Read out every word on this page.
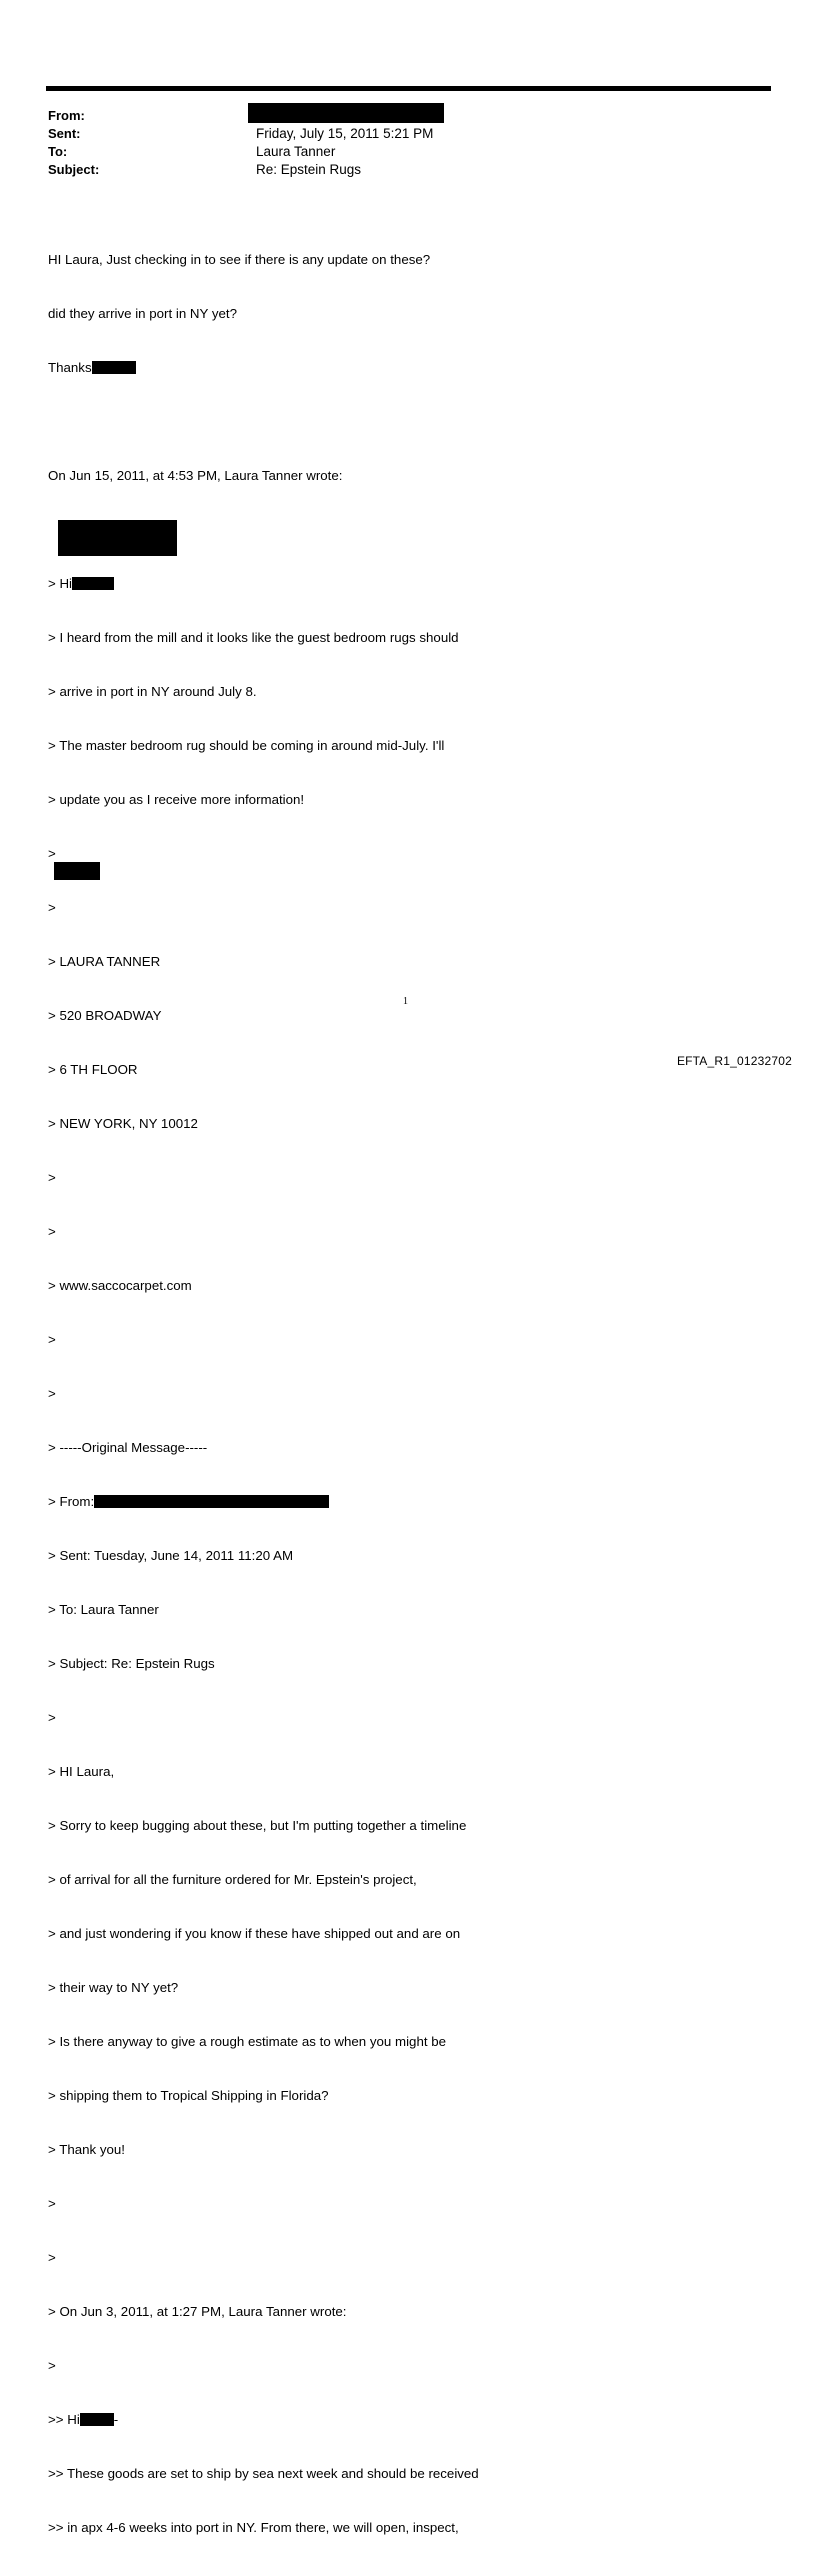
From:
Sent:
To:
Subject:
Friday, July 15, 2011 5:21 PM
Laura Tanner
Re: Epstein Rugs

HI Laura, Just checking in to see if there is any update on these?

did they arrive in port in NY yet?

Thanks

On Jun 15, 2011, at 4:53 PM, Laura Tanner wrote:

> Hi

> I heard from the mill and it looks like the guest bedroom rugs should

> arrive in port in NY around July 8.

> The master bedroom rug should be coming in around mid-July. I'll

> update you as I receive more information!

>

>

> LAURA TANNER

> 520 BROADWAY

> 6 TH FLOOR

> NEW YORK, NY 10012

>

>

> www.saccocarpet.com

>

>

> -----Original Message-----

> From:

> Sent: Tuesday, June 14, 2011 11:20 AM

> To: Laura Tanner

> Subject: Re: Epstein Rugs

>

> HI Laura,

> Sorry to keep bugging about these, but I'm putting together a timeline

> of arrival for all the furniture ordered for Mr. Epstein's project,

> and just wondering if you know if these have shipped out and are on

> their way to NY yet?

> Is there anyway to give a rough estimate as to when you might be

> shipping them to Tropical Shipping in Florida?

> Thank you!

>

>

> On Jun 3, 2011, at 1:27 PM, Laura Tanner wrote:

>

>> Hi	-

>> These goods are set to ship by sea next week and should be received

>> in apx 4-6 weeks into port in NY. From there, we will open, inspect,

1
EFTA_R1_01232702
